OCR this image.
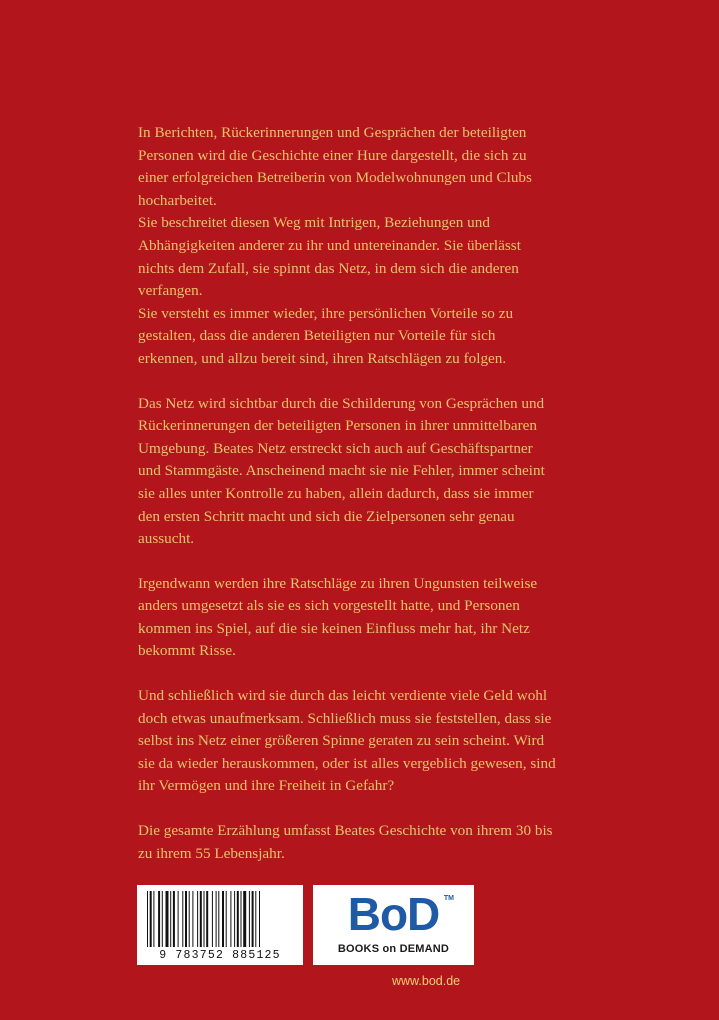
In Berichten, Rückerinnerungen und Gesprächen der beteiligten
Personen wird die Geschichte einer Hure dargestellt, die sich zu
einer erfolgreichen Betreiberin von Modelwohnungen und Clubs
hocharbeitet.
Sie beschreitet diesen Weg mit Intrigen, Beziehungen und
Abhängigkeiten anderer zu ihr und untereinander. Sie überlässt
nichts dem Zufall, sie spinnt das Netz, in dem sich die anderen
verfangen.
Sie versteht es immer wieder, ihre persönlichen Vorteile so zu
gestalten, dass die anderen Beteiligten nur Vorteile für sich
erkennen, und allzu bereit sind, ihren Ratschlägen zu folgen.

Das Netz wird sichtbar durch die Schilderung von Gesprächen und
Rückerinnerungen der beteiligten Personen in ihrer unmittelbaren
Umgebung. Beates Netz erstreckt sich auch auf Geschäftspartner
und Stammgäste. Anscheinend macht sie nie Fehler, immer scheint
sie alles unter Kontrolle zu haben, allein dadurch, dass sie immer
den ersten Schritt macht und sich die Zielpersonen sehr genau
aussucht.

Irgendwann werden ihre Ratschläge zu ihren Ungunsten teilweise
anders umgesetzt als sie es sich vorgestellt hatte, und Personen
kommen ins Spiel, auf die sie keinen Einfluss mehr hat, ihr Netz
bekommt Risse.

Und schließlich wird sie durch das leicht verdiente viele Geld wohl
doch etwas unaufmerksam. Schließlich muss sie feststellen, dass sie
selbst ins Netz einer größeren Spinne geraten zu sein scheint. Wird
sie da wieder herauskommen, oder ist alles vergeblich gewesen, sind
ihr Vermögen und ihre Freiheit in Gefahr?

Die gesamte Erzählung umfasst Beates Geschichte von ihrem 30 bis
zu ihrem 55 Lebensjahr.

9 783752 885125
BoD TM
BOOKS on DEMAND
www.bod.de
